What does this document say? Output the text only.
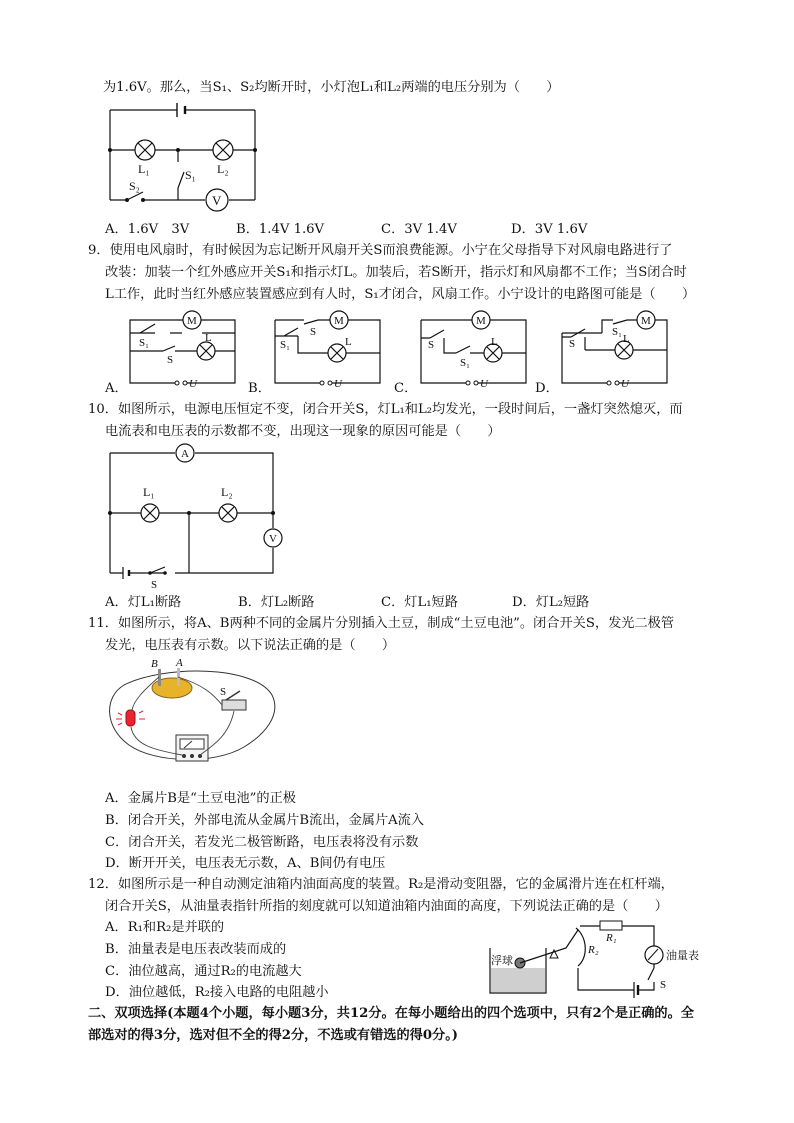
为1.6V。那么，当S₁、S₂均断开时，小灯泡L₁和L₂两端的电压分别为（　　）
L₁	L₂
S₁
S₂
V
A．1.6V　3V	B．1.4V 1.6V	C．3V 1.4V	D．3V 1.6V
9．使用电风扇时，有时候因为忘记断开风扇开关S而浪费能源。小宁在父母指导下对风扇电路进行了
改装：加装一个红外感应开关S₁和指示灯L。加装后，若S断开，指示灯和风扇都不工作；当S闭合时
L工作，此时当红外感应装置感应到有人时，S₁才闭合，风扇工作。小宁设计的电路图可能是（　　）
A．
M
S₁
S
L
U	B．
M
S
S₁	L
U	C．
M
S
S₁
L
U	D．
M
S₁
S	L
U
10．如图所示，电源电压恒定不变，闭合开关S，灯L₁和L₂均发光，一段时间后，一盏灯突然熄灭，而
电流表和电压表的示数都不变，出现这一现象的原因可能是（　　）
A
V
L₁	L₂
S
A．灯L₁断路	B．灯L₂断路	C．灯L₁短路	D．灯L₂短路
11．如图所示，将A、B两种不同的金属片分别插入土豆，制成“土豆电池”。闭合开关S，发光二极管
发光，电压表有示数。以下说法正确的是（　　）
B A
S
A．金属片B是“土豆电池”的正极
B．闭合开关，外部电流从金属片B流出，金属片A流入
C．闭合开关，若发光二极管断路，电压表将没有示数
D．断开开关，电压表无示数，A、B间仍有电压
12．如图所示是一种自动测定油箱内油面高度的装置。R₂是滑动变阻器，它的金属滑片连在杠杆端，
闭合开关S，从油量表指针所指的刻度就可以知道油箱内油面的高度，下列说法正确的是（　　）
A．R₁和R₂是并联的
B．油量表是电压表改装而成的
C．油位越高，通过R₂的电流越大
D．油位越低，R₂接入电路的电阻越小
浮球
R₂
R₁
油量表
S
二、双项选择(本题4个小题，每小题3分，共12分。在每小题给出的四个选项中，只有2个是正确的。全
部选对的得3分，选对但不全的得2分，不选或有错选的得0分。)
